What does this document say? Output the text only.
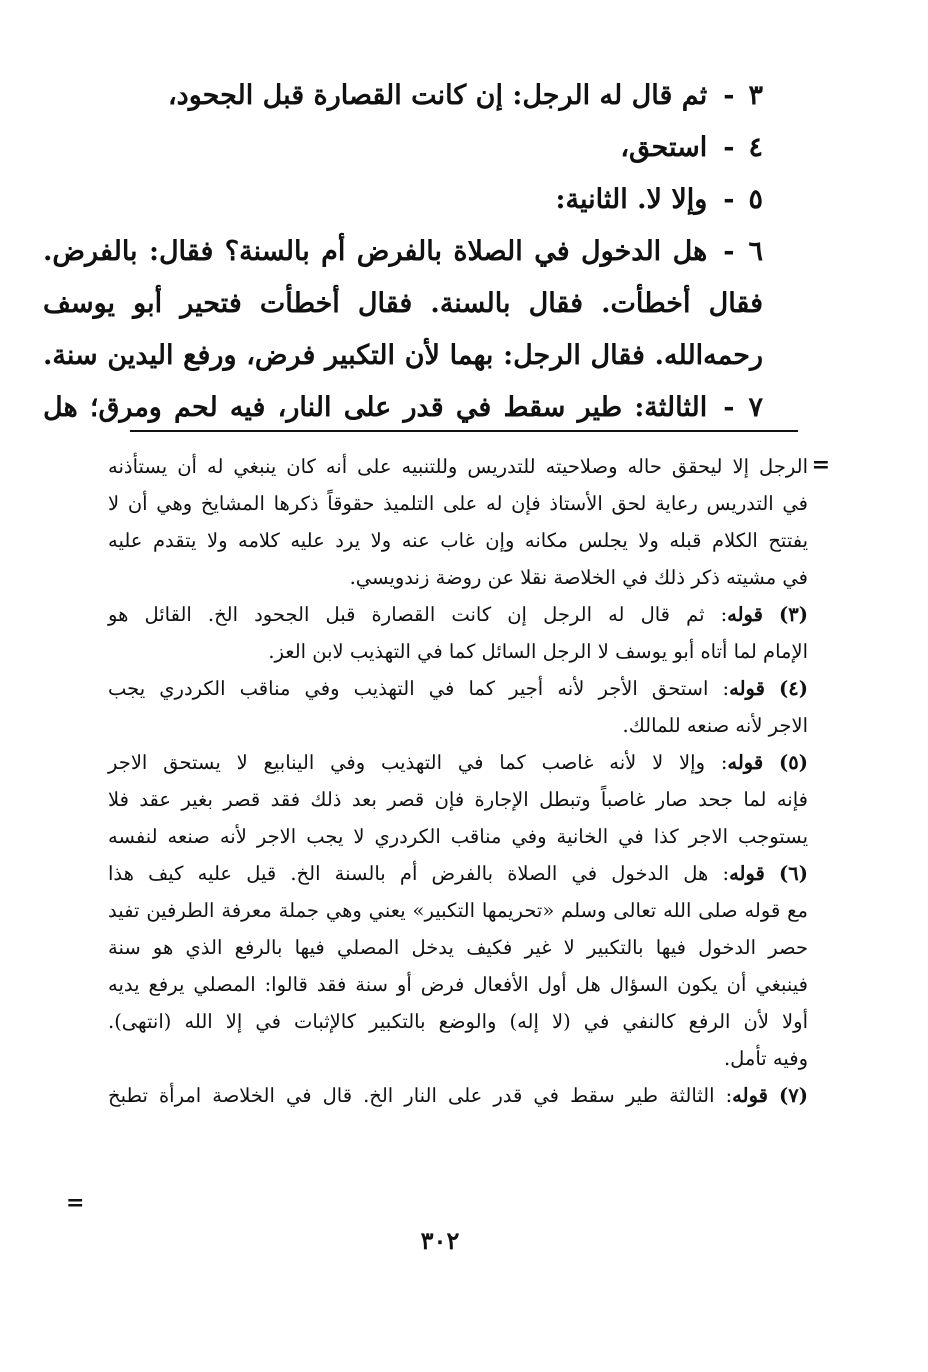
٣-ثم قال له الرجل: إن كانت القصارة قبل الجحود،
٤-استحق،
٥-وإلا لا. الثانية:
٦-هل الدخول في الصلاة بالفرض أم بالسنة؟ فقال: بالفرض.
فقال أخطأت. فقال بالسنة. فقال أخطأت فتحير أبو يوسف
رحمه‌الله. فقال الرجل: بهما لأن التكبير فرض، ورفع اليدين سنة.
٧-الثالثة: طير سقط في قدر على النار، فيه لحم ومرق؛ هل
=
الرجل إلا ليحقق حاله وصلاحيته للتدريس وللتنبيه على أنه كان ينبغي له أن يستأذنه
في التدريس رعاية لحق الأستاذ فإن له على التلميذ حقوقاً ذكرها المشايخ وهي أن لا
يفتتح الكلام قبله ولا يجلس مكانه وإن غاب عنه ولا يرد عليه كلامه ولا يتقدم عليه
في مشيته ذكر ذلك في الخلاصة نقلا عن روضة زندويسي.
(٣) قوله: ثم قال له الرجل إن كانت القصارة قبل الجحود الخ. القائل هو
الإمام لما أتاه أبو يوسف لا الرجل السائل كما في التهذيب لابن العز.
(٤) قوله: استحق الأجر لأنه أجير كما في التهذيب وفي مناقب الكردري يجب
الاجر لأنه صنعه للمالك.
(٥) قوله: وإلا لا لأنه غاصب كما في التهذيب وفي الينابيع لا يستحق الاجر
فإنه لما جحد صار غاصباً وتبطل الإجارة فإن قصر بعد ذلك فقد قصر بغير عقد فلا
يستوجب الاجر كذا في الخانية وفي مناقب الكردري لا يجب الاجر لأنه صنعه لنفسه
(٦) قوله: هل الدخول في الصلاة بالفرض أم بالسنة الخ. قيل عليه كيف هذا
مع قوله صلى الله تعالى وسلم «تحريمها التكبير» يعني وهي جملة معرفة الطرفين تفيد
حصر الدخول فيها بالتكبير لا غير فكيف يدخل المصلي فيها بالرفع الذي هو سنة
فينبغي أن يكون السؤال هل أول الأفعال فرض أو سنة فقد قالوا: المصلي يرفع يديه
أولا لأن الرفع كالنفي في (لا إله) والوضع بالتكبير كالإثبات في إلا الله (انتهى).
وفيه تأمل.
(٧) قوله: الثالثة طير سقط في قدر على النار الخ. قال في الخلاصة امرأة تطبخ
=
٣٠٢
